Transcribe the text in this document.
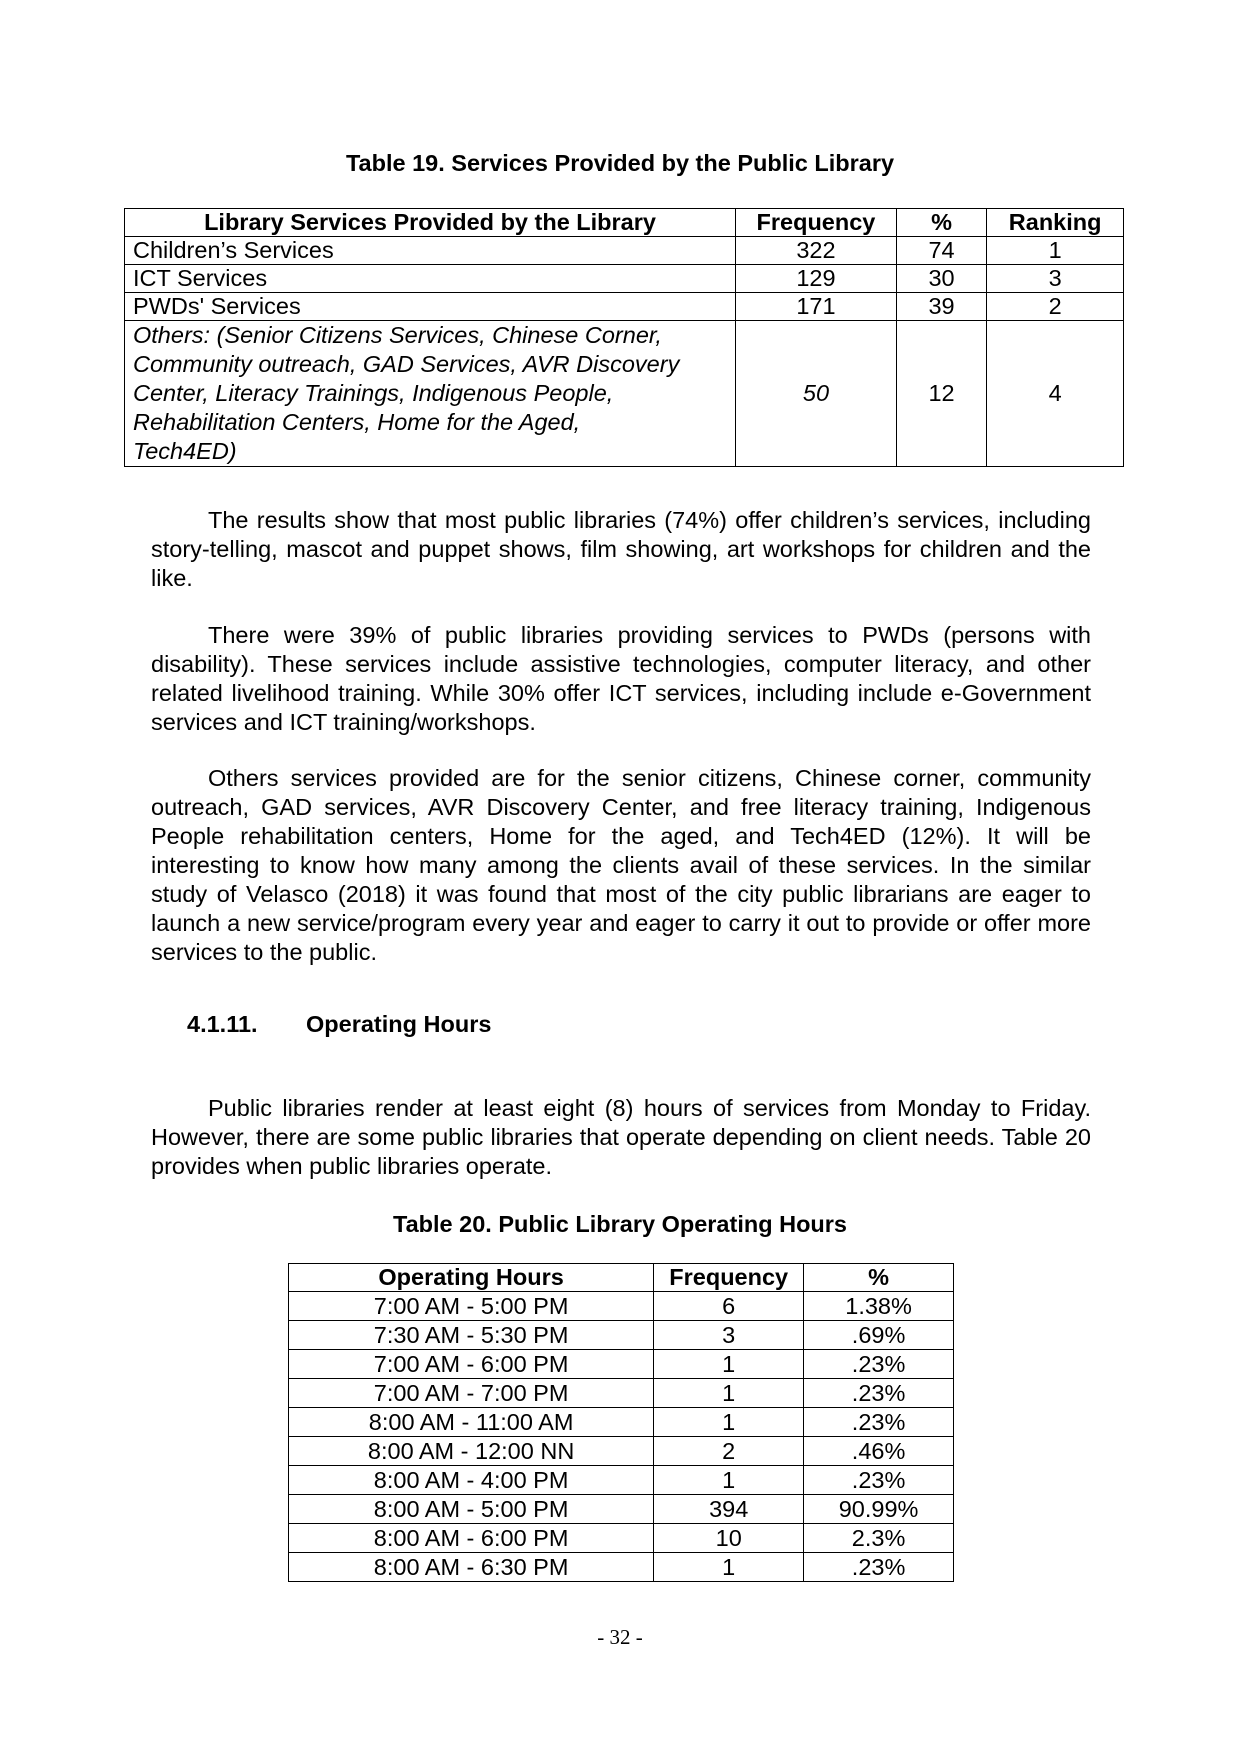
Table 19. Services Provided by the Public Library
Library Services Provided by the Library	Frequency	%	Ranking
Children’s Services	322	74	1
ICT Services	129	30	3
PWDs' Services	171	39	2

Others: (Senior Citizens Services, Chinese Corner,
Community outreach, GAD Services, AVR Discovery
Center, Literacy Trainings, Indigenous People,
Rehabilitation Centers, Home for the Aged,
Tech4ED)	50	12	4

The results show that most public libraries (74%) offer children’s services, including story-telling, mascot and puppet shows, film showing, art workshops for children and the like.

There were 39% of public libraries providing services to PWDs (persons with disability). These services include assistive technologies, computer literacy, and other related livelihood training. While 30% offer ICT services, including include e-Government services and ICT training/workshops.

Others services provided are for the senior citizens, Chinese corner, community outreach, GAD services, AVR Discovery Center, and free literacy training, Indigenous People rehabilitation centers, Home for the aged, and Tech4ED (12%). It will be interesting to know how many among the clients avail of these services. In the similar study of Velasco (2018) it was found that most of the city public librarians are eager to launch a new service/program every year and eager to carry it out to provide or offer more services to the public.

4.1.11. Operating Hours

Public libraries render at least eight (8) hours of services from Monday to Friday. However, there are some public libraries that operate depending on client needs. Table 20 provides when public libraries operate.

Table 20. Public Library Operating Hours
Operating Hours	Frequency	%
7:00 AM - 5:00 PM	6	1.38%
7:30 AM - 5:30 PM	3	.69%
7:00 AM - 6:00 PM	1	.23%
7:00 AM - 7:00 PM	1	.23%
8:00 AM - 11:00 AM	1	.23%
8:00 AM - 12:00 NN	2	.46%
8:00 AM - 4:00 PM	1	.23%
8:00 AM - 5:00 PM	394	90.99%
8:00 AM - 6:00 PM	10	2.3%
8:00 AM - 6:30 PM	1	.23%
- 32 -
